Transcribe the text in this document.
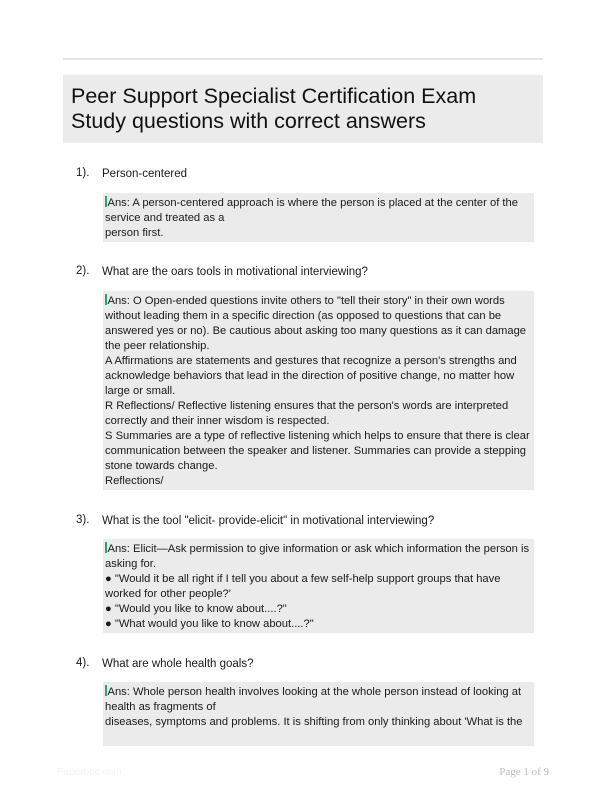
Peer Support Specialist Certification Exam Study questions with correct answers
1). Person-centered

Ans: A person-centered approach is where the person is placed at the center of the service and treated as a

person first.

2). What are the oars tools in motivational interviewing?

Ans: O Open-ended questions invite others to "tell their story" in their own words without leading them in a specific direction (as opposed to questions that can be answered yes or no). Be cautious about asking too many questions as it can damage the peer relationship.

A Affirmations are statements and gestures that recognize a person's strengths and acknowledge behaviors that lead in the direction of positive change, no matter how large or small.

R Reflections/ Reflective listening ensures that the person's words are interpreted correctly and their inner wisdom is respected.

S Summaries are a type of reflective listening which helps to ensure that there is clear communication between the speaker and listener. Summaries can provide a stepping stone towards change.

Reflections/

3). What is the tool "elicit- provide-elicit" in motivational interviewing?

Ans: Elicit—Ask permission to give information or ask which information the person is asking for.

● "Would it be all right if I tell you about a few self-help support groups that have worked for other people?'

● "Would you like to know about....?"

● "What would you like to know about....?"

4). What are whole health goals?

Ans: Whole person health involves looking at the whole person instead of looking at health as fragments of

diseases, symptoms and problems. It is shifting from only thinking about 'What is the

Paperbbc.com	Page 1 of 9
